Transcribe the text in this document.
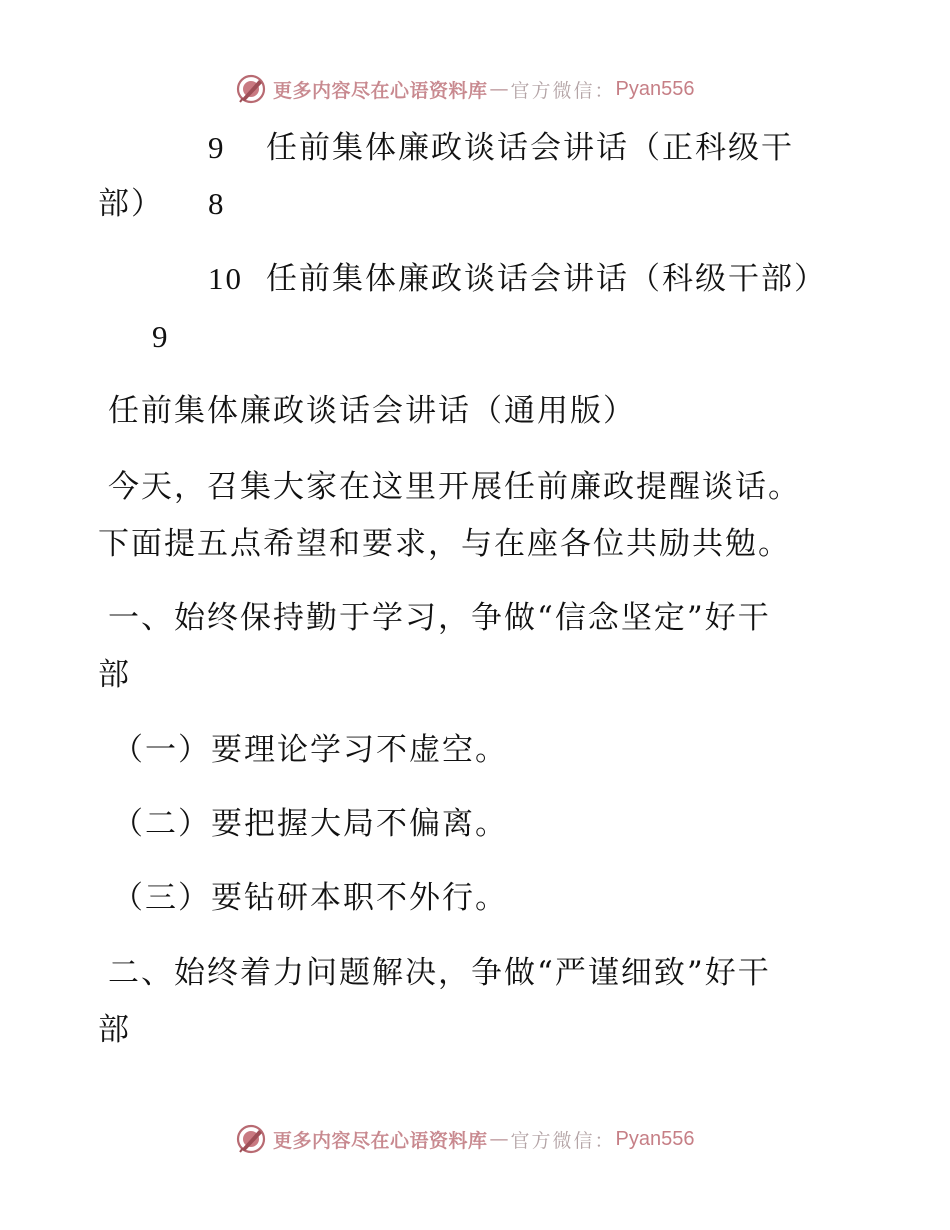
更多内容尽在心语资料库 — 官方微信： Pyan556
9 任前集体廉政谈话会讲话（正科级干
部） 8
10 任前集体廉政谈话会讲话（科级干部）
9
任前集体廉政谈话会讲话（通用版）
今天，召集大家在这里开展任前廉政提醒谈话。
下面提五点希望和要求，与在座各位共励共勉。
一、始终保持勤于学习，争做“信念坚定”好干
部
（一）要理论学习不虚空。
（二）要把握大局不偏离。
（三）要钻研本职不外行。
二、始终着力问题解决，争做“严谨细致”好干
部
更多内容尽在心语资料库 — 官方微信： Pyan556
